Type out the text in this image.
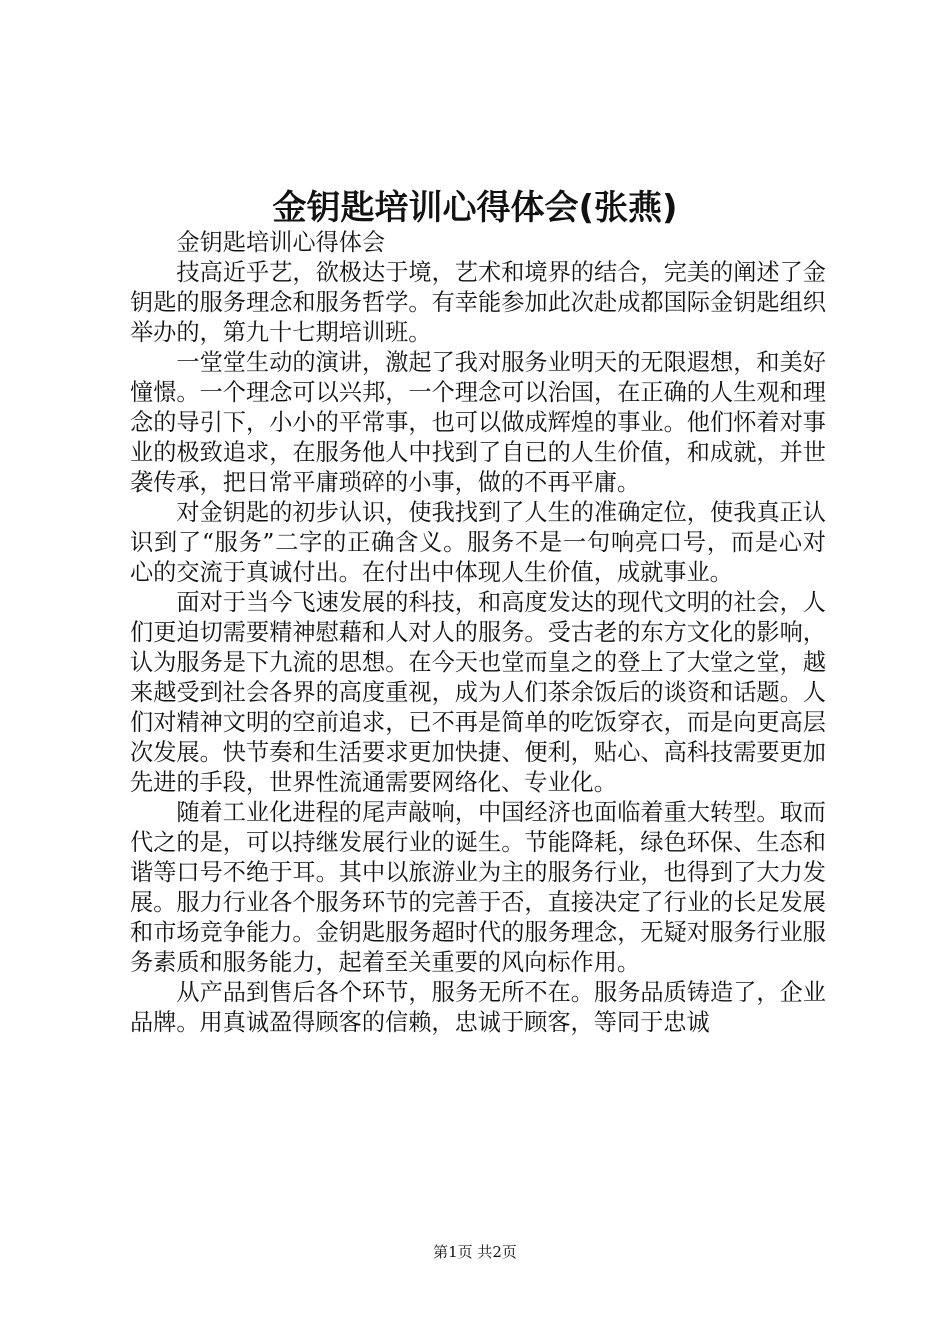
金钥匙培训心得体会(张燕)

金钥匙培训心得体会

技高近乎艺，欲极达于境，艺术和境界的结合，完美的阐述了金钥匙的服务理念和服务哲学。有幸能参加此次赴成都国际金钥匙组织举办的，第九十七期培训班。

一堂堂生动的演讲，激起了我对服务业明天的无限遐想，和美好憧憬。一个理念可以兴邦，一个理念可以治国，在正确的人生观和理念的导引下，小小的平常事，也可以做成辉煌的事业。他们怀着对事业的极致追求，在服务他人中找到了自已的人生价值，和成就，并世袭传承，把日常平庸琐碎的小事，做的不再平庸。

对金钥匙的初步认识，使我找到了人生的准确定位，使我真正认识到了“服务”二字的正确含义。服务不是一句响亮口号，而是心对心的交流于真诚付出。在付出中体现人生价值，成就事业。

面对于当今飞速发展的科技，和高度发达的现代文明的社会，人们更迫切需要精神慰藉和人对人的服务。受古老的东方文化的影响，认为服务是下九流的思想。在今天也堂而皇之的登上了大堂之堂，越来越受到社会各界的高度重视，成为人们茶余饭后的谈资和话题。人们对精神文明的空前追求，已不再是简单的吃饭穿衣，而是向更高层次发展。快节奏和生活要求更加快捷、便利，贴心、高科技需要更加先进的手段，世界性流通需要网络化、专业化。

随着工业化进程的尾声敲响，中国经济也面临着重大转型。取而代之的是，可以持继发展行业的诞生。节能降耗，绿色环保、生态和谐等口号不绝于耳。其中以旅游业为主的服务行业，也得到了大力发展。服力行业各个服务环节的完善于否，直接决定了行业的长足发展和市场竞争能力。金钥匙服务超时代的服务理念，无疑对服务行业服务素质和服务能力，起着至关重要的风向标作用。

从产品到售后各个环节，服务无所不在。服务品质铸造了，企业品牌。用真诚盈得顾客的信赖，忠诚于顾客，等同于忠诚

第1页 共2页
